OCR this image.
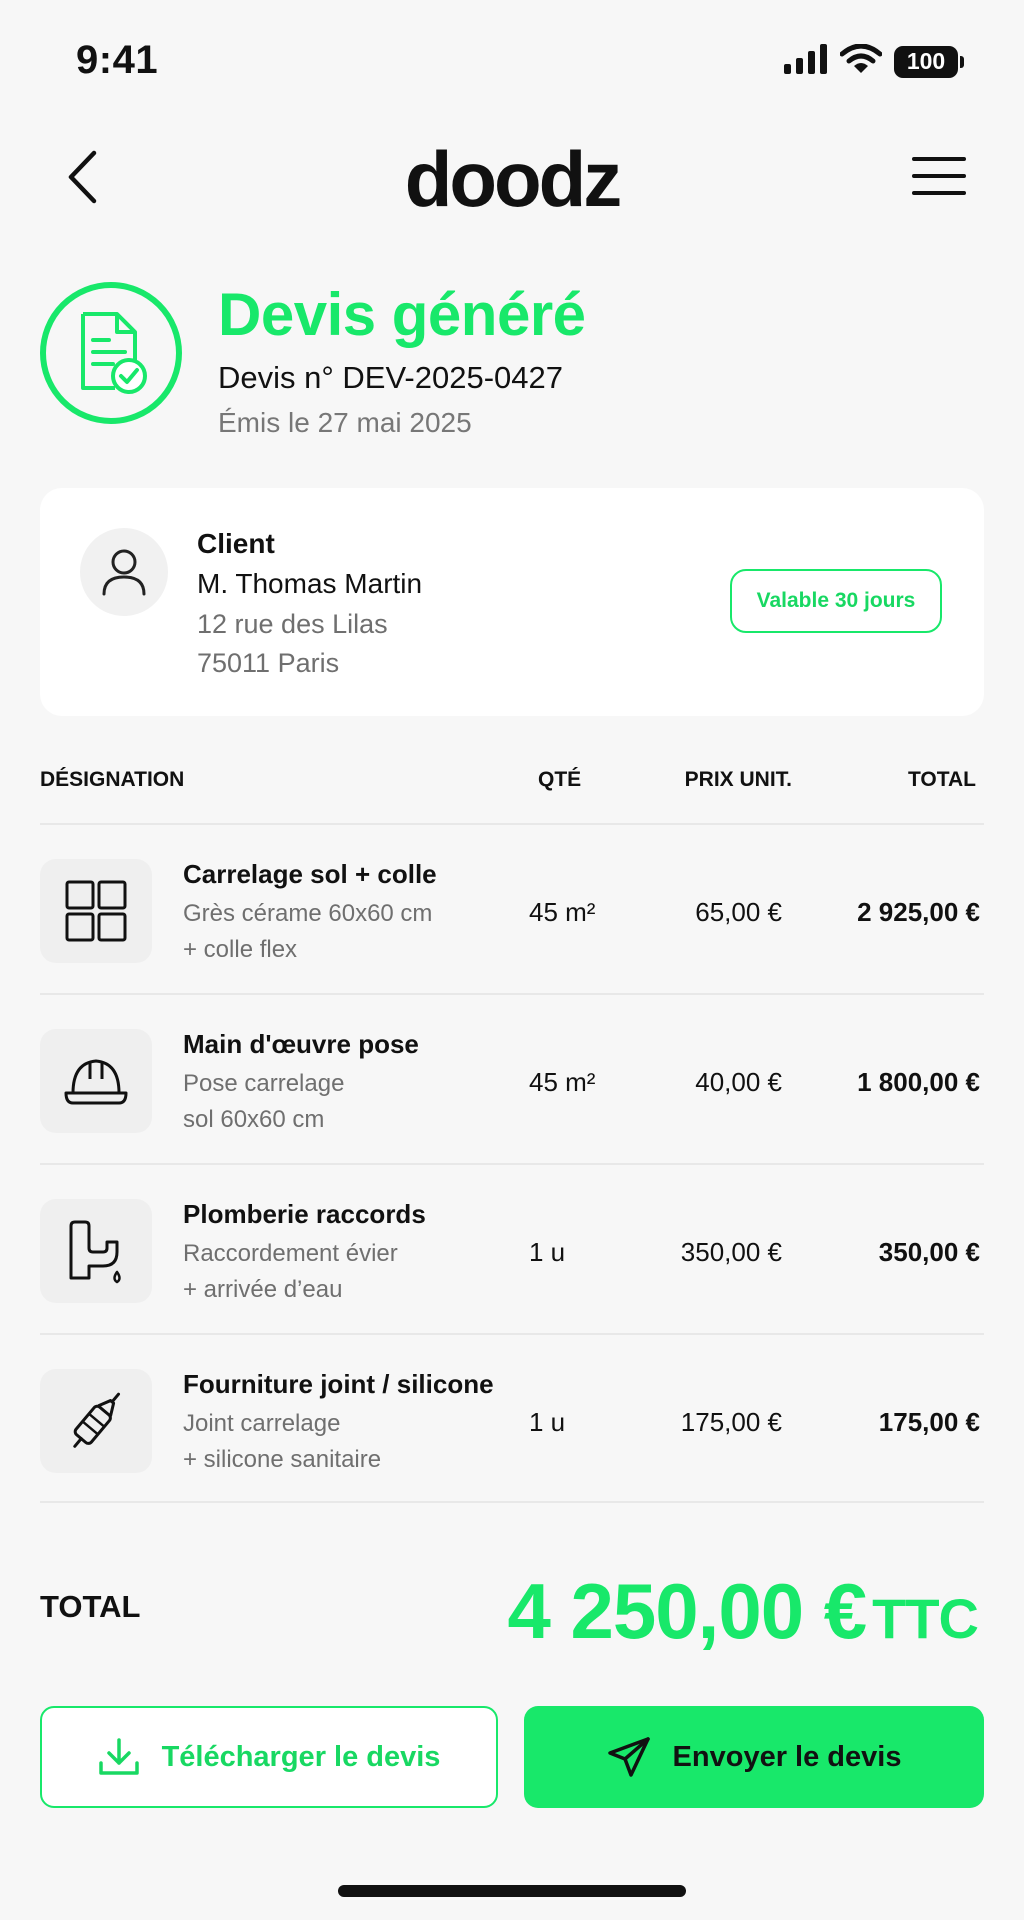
9:41	100
doodz
Devis généré
Devis n° DEV-2025-0427
Émis le 27 mai 2025
Client
M. Thomas Martin
12 rue des Lilas
75011 Paris
Valable 30 jours
DÉSIGNATION	QTÉ	PRIX UNIT.	TOTAL
Carrelage sol + colle
Grès cérame 60x60 cm
+ colle flex
45 m²	65,00 €	2 925,00 €
Main d'œuvre pose
Pose carrelage
sol 60x60 cm
45 m²	40,00 €	1 800,00 €
Plomberie raccords
Raccordement évier
+ arrivée d’eau
1 u	350,00 €	350,00 €
Fourniture joint / silicone
Joint carrelage
+ silicone sanitaire
1 u	175,00 €	175,00 €
TOTAL	4 250,00 € TTC
Télécharger le devis	Envoyer le devis
